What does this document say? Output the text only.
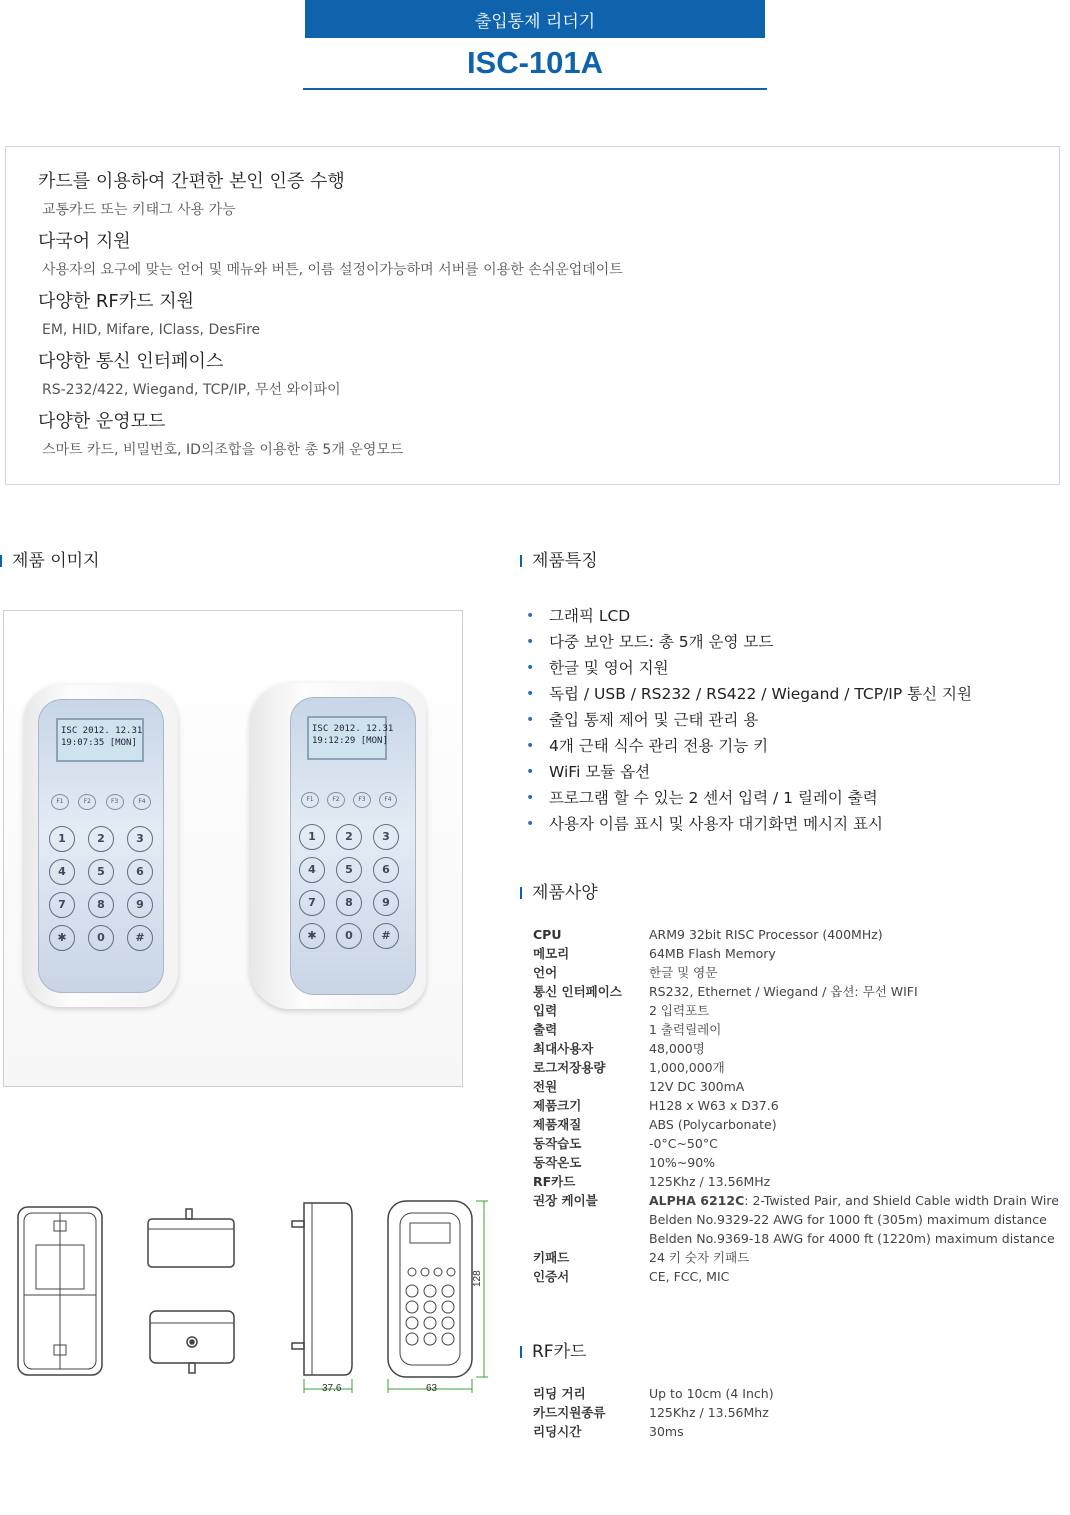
출입통제 리더기
ISC-101A
카드를 이용하여 간편한 본인 인증 수행
교통카드 또는 키태그 사용 가능
다국어 지원
사용자의 요구에 맞는 언어 및 메뉴와 버튼, 이름 설정이가능하며 서버를 이용한 손쉬운업데이트
다양한 RF카드 지원
EM, HID, Mifare, IClass, DesFire
다양한 통신 인터페이스
RS-232/422, Wiegand, TCP/IP, 무선 와이파이
다양한 운영모드
스마트 카드, 비밀번호, ID의조합을 이용한 총 5개 운영모드
제품 이미지	제품특징
제품사양
RF카드
ISC 2012. 12.31
19:07:35 [MON]
F1	F2	F3	F4
1	2	3
4	5	6
7	8	9
✱	0	#
ISC 2012. 12.31
19:12:29 [MON]
F1	F2	F3	F4
1	2	3
4	5	6
7	8	9
✱	0	#
37.6	63
128
• 그래픽 LCD
• 다중 보안 모드: 총 5개 운영 모드
• 한글 및 영어 지원
• 독립 / USB / RS232 / RS422 / Wiegand / TCP/IP 통신 지원
• 출입 통제 제어 및 근태 관리 용
• 4개 근태 식수 관리 전용 기능 키
• WiFi 모듈 옵션
• 프로그램 할 수 있는 2 센서 입력 / 1 릴레이 출력
• 사용자 이름 표시 및 사용자 대기화면 메시지 표시
CPU	ARM9 32bit RISC Processor (400MHz)
메모리	64MB Flash Memory
언어	한글 및 영문
통신 인터페이스	RS232, Ethernet / Wiegand / 옵션: 무선 WIFI
입력	2 입력포트
출력	1 출력릴레이
최대사용자	48,000명
로그저장용량	1,000,000개
전원	12V DC 300mA
제품크기	H128 x W63 x D37.6
제품재질	ABS (Polycarbonate)
동작습도	-0°C~50°C
동작온도	10%~90%
RF카드	125Khz / 13.56MHz
권장 케이블	ALPHA 6212C: 2-Twisted Pair, and Shield Cable width Drain Wire
Belden No.9329-22 AWG for 1000 ft (305m) maximum distance
Belden No.9369-18 AWG for 4000 ft (1220m) maximum distance
키패드	24 키 숫자 키패드
인증서	CE, FCC, MIC
리딩 거리	Up to 10cm (4 Inch)
카드지원종류	125Khz / 13.56Mhz
리딩시간	30ms
